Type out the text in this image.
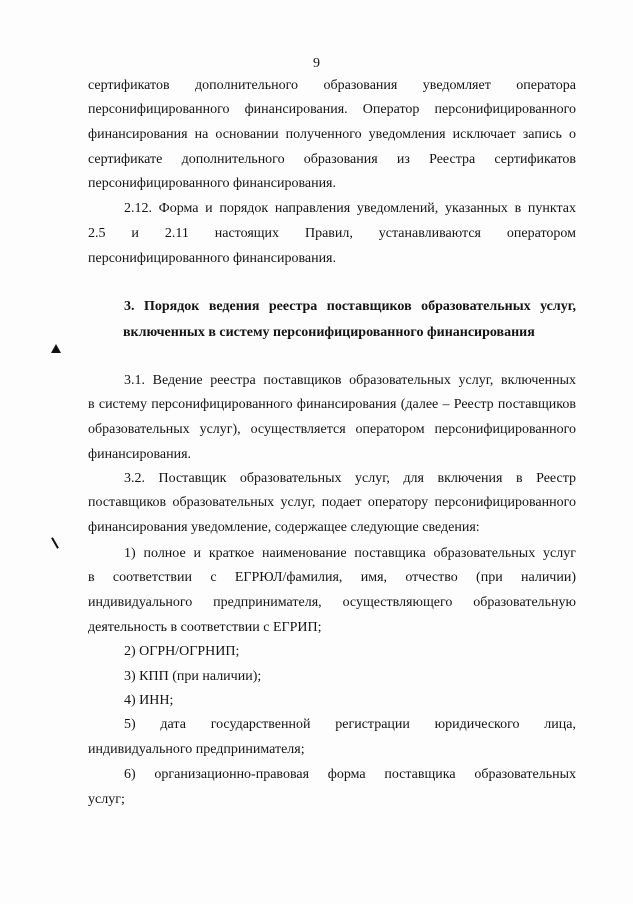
9
сертификатов дополнительного образования уведомляет оператора
персонифицированного финансирования. Оператор персонифицированного
финансирования на основании полученного уведомления исключает запись о
сертификате дополнительного образования из Реестра сертификатов
персонифицированного финансирования.
2.12. Форма и порядок направления уведомлений, указанных в пунктах
2.5 и 2.11 настоящих Правил, устанавливаются оператором
персонифицированного финансирования.
3. Порядок ведения реестра поставщиков образовательных услуг,
включенных в систему персонифицированного финансирования
3.1. Ведение реестра поставщиков образовательных услуг, включенных
в систему персонифицированного финансирования (далее – Реестр поставщиков
образовательных услуг), осуществляется оператором персонифицированного
финансирования.
3.2. Поставщик образовательных услуг, для включения в Реестр
поставщиков образовательных услуг, подает оператору персонифицированного
финансирования уведомление, содержащее следующие сведения:
1) полное и краткое наименование поставщика образовательных услуг
в соответствии с ЕГРЮЛ/фамилия, имя, отчество (при наличии)
индивидуального предпринимателя, осуществляющего образовательную
деятельность в соответствии с ЕГРИП;
2) ОГРН/ОГРНИП;
3) КПП (при наличии);
4) ИНН;
5) дата государственной регистрации юридического лица,
индивидуального предпринимателя;
6) организационно-правовая форма поставщика образовательных
услуг;
